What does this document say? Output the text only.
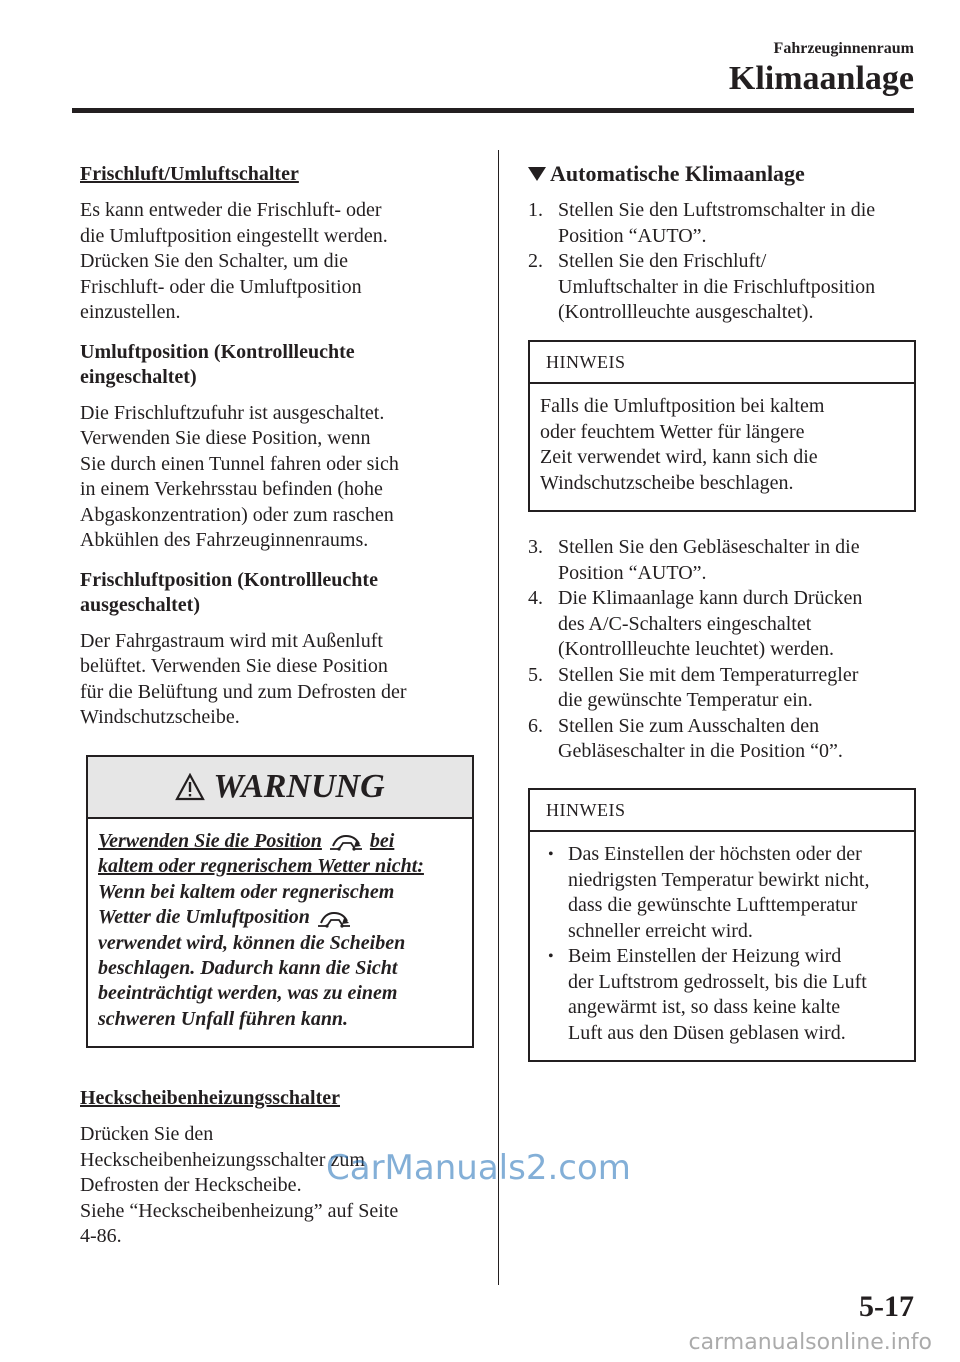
Fahrzeuginnenraum
Klimaanlage
Frischluft/Umluftschalter

Es kann entweder die Frischluft- oder
die Umluftposition eingestellt werden.
Drücken Sie den Schalter, um die
Frischluft- oder die Umluftposition
einzustellen.

Umluftposition (Kontrollleuchte
eingeschaltet)

Die Frischluftzufuhr ist ausgeschaltet.
Verwenden Sie diese Position, wenn
Sie durch einen Tunnel fahren oder sich
in einem Verkehrsstau befinden (hohe
Abgaskonzentration) oder zum raschen
Abkühlen des Fahrzeuginnenraums.

Frischluftposition (Kontrollleuchte
ausgeschaltet)

Der Fahrgastraum wird mit Außenluft
belüftet. Verwenden Sie diese Position
für die Belüftung und zum Defrosten der
Windschutzscheibe.

WARNUNG
Verwenden Sie die Position bei
kaltem oder regnerischem Wetter nicht:
Wenn bei kaltem oder regnerischem
Wetter die Umluftposition
verwendet wird, können die Scheiben
beschlagen. Dadurch kann die Sicht
beeinträchtigt werden, was zu einem
schweren Unfall führen kann.
Heckscheibenheizungsschalter

Drücken Sie den
Heckscheibenheizungsschalter zum
Defrosten der Heckscheibe.
Siehe “Heckscheibenheizung” auf Seite
4-86.

Automatische Klimaanlage
1. Stellen Sie den Luftstromschalter in die
Position “AUTO”.
2. Stellen Sie den Frischluft/
Umluftschalter in die Frischluftposition
(Kontrollleuchte ausgeschaltet).
HINWEIS
Falls die Umluftposition bei kaltem
oder feuchtem Wetter für längere
Zeit verwendet wird, kann sich die
Windschutzscheibe beschlagen.
3. Stellen Sie den Gebläseschalter in die
Position “AUTO”.
4. Die Klimaanlage kann durch Drücken
des A/C-Schalters eingeschaltet
(Kontrollleuchte leuchtet) werden.
5. Stellen Sie mit dem Temperaturregler
die gewünschte Temperatur ein.
6. Stellen Sie zum Ausschalten den
Gebläseschalter in die Position “0”.
HINWEIS
• Das Einstellen der höchsten oder der
niedrigsten Temperatur bewirkt nicht,
dass die gewünschte Lufttemperatur
schneller erreicht wird.
• Beim Einstellen der Heizung wird
der Luftstrom gedrosselt, bis die Luft
angewärmt ist, so dass keine kalte
Luft aus den Düsen geblasen wird.
5-17
CarManuals2.com
carmanualsonline.info
